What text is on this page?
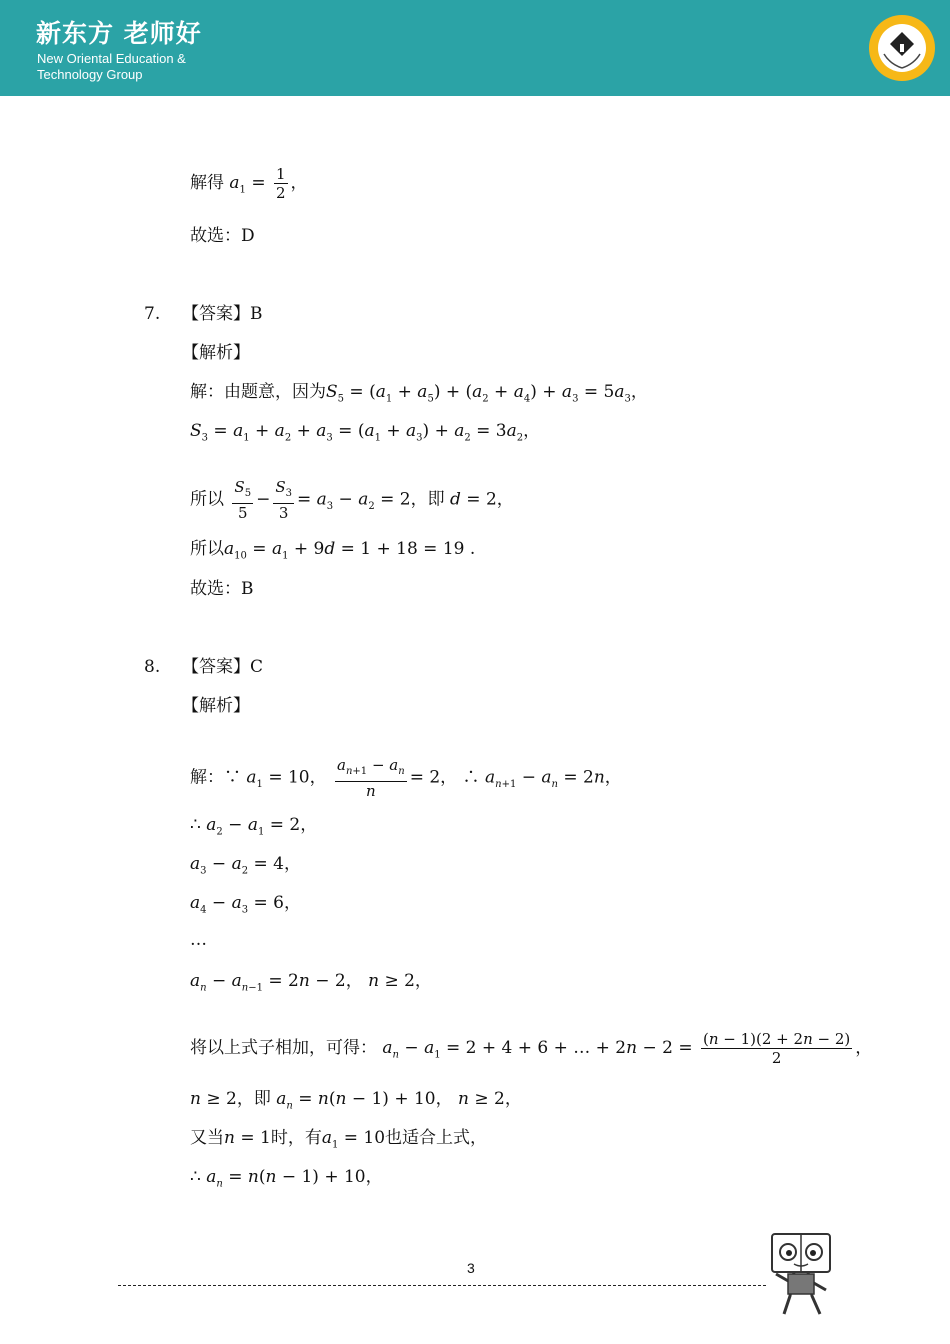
新东方 老师好
New Oriental Education &
Technology Group
解得 $a_1 = \frac{1}{2}$ ，
故选：D
7. 【答案】B
【解析】
解：由题意，因为$S_5 = (a_1 + a_5) + (a_2 + a_4) + a_3 = 5a_3$，
$S_3 = a_1 + a_2 + a_3 = (a_1 + a_3) + a_2 = 3a_2$，
所以 $\frac{S_5}{5} - \frac{S_3}{3} = a_3 - a_2 = 2$，即 d = 2，
所以$a_{10} = a_1 + 9d = 1 + 18 = 19$ .
故选：B
8. 【答案】C
【解析】
解：∵ $a_1 = 10$， $\frac{a_{n+1} - a_n}{n} = 2$， ∴ $a_{n+1} - a_n = 2n$，
∴ $a_2 - a_1 = 2$，
$a_3 - a_2 = 4$，
$a_4 - a_3 = 6$，
…
$a_n - a_{n-1} = 2n - 2$， n ≥ 2，
将以上式子相加，可得： $a_n - a_1 = 2 + 4 + 6$ + … + $2n - 2 = \frac{(n - 1)(2 + 2n - 2)}{2}$ ，
n ≥ 2，即 $a_n = n(n - 1) + 10$， n ≥ 2，
又当n = 1时，有$a_1 = 10$也适合上式，
∴ $a_n = n(n - 1) + 10$，
3
